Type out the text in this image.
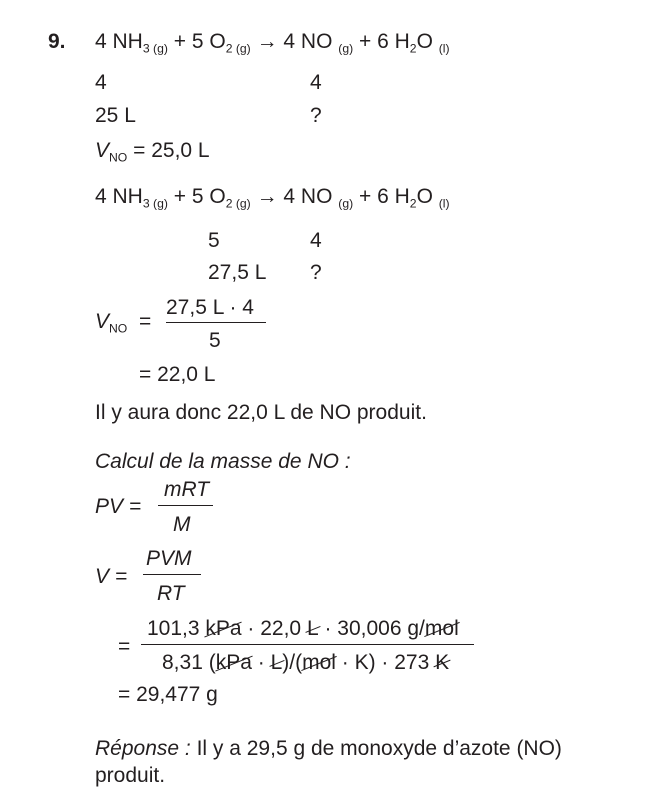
9. 4 $NH_{3 (g)} + 5$ $O_{2 (g)} \to 4$ NO $_{(g)}$ + 6 $H_2O$ $_{(l)}$
4	4
25 L	?
$V_{NO} = 25,0$ L
4 $NH_{3 (g)} + 5$ $O_{2 (g)} \to 4$ NO $_{(g)}$ + 6 $H_2O$ $_{(l)}$
5	4
27,5 L ?
$V_{NO}$ =
27,5 L · 4
5
= 22,0 L
Il y aura donc 22,0 L de NO produit.
Calcul de la masse de NO :
PV =
mRT
M
V =
PVM
RT
=
101,3 kPa · 22,0 L · 30,006 g/mol
8,31 (kPa · L)/(mol · K) · 273 K
= 29,477 g
Réponse : Il y a 29,5 g de monoxyde d’azote (NO)
produit.
